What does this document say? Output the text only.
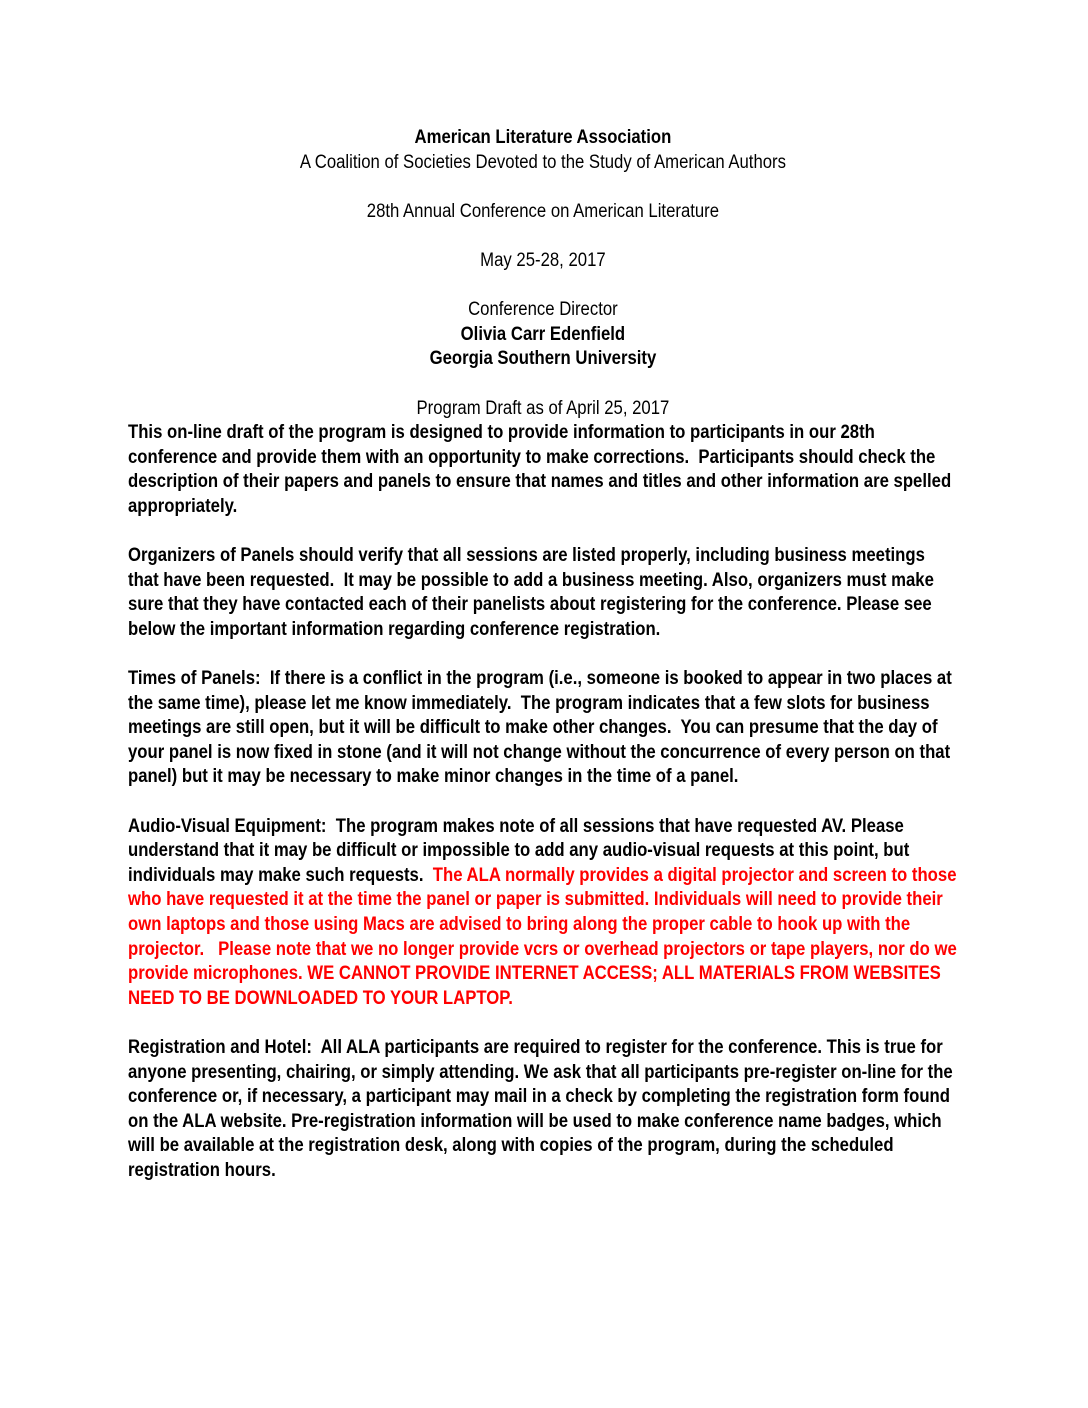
American Literature Association
A Coalition of Societies Devoted to the Study of American Authors
28th Annual Conference on American Literature
May 25-28, 2017
Conference Director
Olivia Carr Edenfield
Georgia Southern University
Program Draft as of April 25, 2017

This on-line draft of the program is designed to provide information to participants in our 28th conference and provide them with an opportunity to make corrections.  Participants should check the description of their papers and panels to ensure that names and titles and other information are spelled appropriately.

Organizers of Panels should verify that all sessions are listed properly, including business meetings that have been requested.  It may be possible to add a business meeting. Also, organizers must make sure that they have contacted each of their panelists about registering for the conference. Please see below the important information regarding conference registration.

Times of Panels:  If there is a conflict in the program (i.e., someone is booked to appear in two places at the same time), please let me know immediately.  The program indicates that a few slots for business meetings are still open, but it will be difficult to make other changes.  You can presume that the day of your panel is now fixed in stone (and it will not change without the concurrence of every person on that panel) but it may be necessary to make minor changes in the time of a panel.

Audio-Visual Equipment:  The program makes note of all sessions that have requested AV. Please understand that it may be difficult or impossible to add any audio-visual requests at this point, but individuals may make such requests.  The ALA normally provides a digital projector and screen to those who have requested it at the time the panel or paper is submitted. Individuals will need to provide their own laptops and those using Macs are advised to bring along the proper cable to hook up with the projector.   Please note that we no longer provide vcrs or overhead projectors or tape players, nor do we provide microphones. WE CANNOT PROVIDE INTERNET ACCESS; ALL MATERIALS FROM WEBSITES NEED TO BE DOWNLOADED TO YOUR LAPTOP.

Registration and Hotel:  All ALA participants are required to register for the conference. This is true for anyone presenting, chairing, or simply attending. We ask that all participants pre-register on-line for the conference or, if necessary, a participant may mail in a check by completing the registration form found on the ALA website. Pre-registration information will be used to make conference name badges, which will be available at the registration desk, along with copies of the program, during the scheduled registration hours.
